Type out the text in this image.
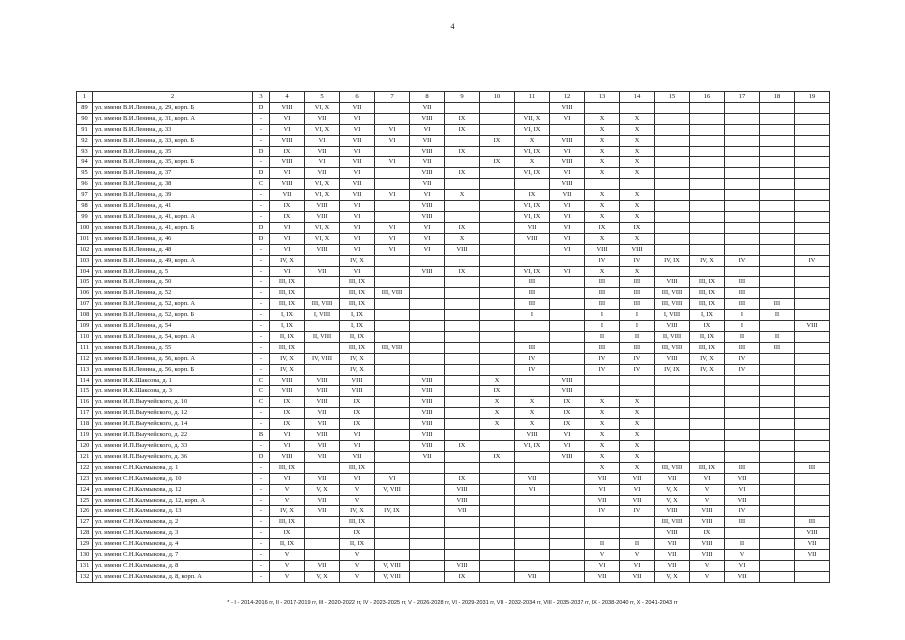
4
1	2	3	4	5	6	7	8	9	10	11	12	13	14	15	16	17	18	19
89	ул. имени В.И.Ленина, д. 29, корп. Б	D	VIII	VI, X	VII		VII				VIII							
90	ул. имени В.И.Ленина, д. 31, корп. А	-	VI	VII	VI		VIII	IX		VII, X	VI	X	X					
91	ул. имени В.И.Ленина, д. 33	-	VI	VI, X	VI	VI	VI	IX		VI, IX		X	X					
92	ул. имени В.И.Ленина, д. 33, корп. Б	-	VIII	VI	VII	VI	VII		IX	X	VIII	X	X					
93	ул. имени В.И.Ленина, д. 35	D	IX	VII	VI		VIII	IX		VI, IX	VI	X	X					
94	ул. имени В.И.Ленина, д. 35, корп. Б	-	VIII	VI	VII	VI	VII		IX	X	VIII	X	X					
95	ул. имени В.И.Ленина, д. 37	D	VI	VII	VI		VIII	IX		VI, IX	VI	X	X					
96	ул. имени В.И.Ленина, д. 38	C	VIII	VI, X	VII		VII				VIII							
97	ул. имени В.И.Ленина, д. 39	-	VII	VI, X	VII	VI	VI	X		IX	VII	X	X					
98	ул. имени В.И.Ленина, д. 41	-	IX	VIII	VI		VIII			VI, IX	VI	X	X					
99	ул. имени В.И.Ленина, д. 41, корп. А	-	IX	VIII	VI		VIII			VI, IX	VI	X	X					
100	ул. имени В.И.Ленина, д. 41, корп. Б	D	VI	VI, X	VI	VI	VI	IX		VII	VI	IX	IX					
101	ул. имени В.И.Ленина, д. 46	D	VI	VI, X	VI	VI	VI	X		VIII	VI	X	X					
102	ул. имени В.И.Ленина, д. 48	-	VI	VIII	VI	VI	VI	VIII			VI	VIII	VIII					
103	ул. имени В.И.Ленина, д. 49, корп. А	-	IV, X		IV, X							IV	IV	IV, IX	IV, X	IV		IV
104	ул. имени В.И.Ленина, д. 5	-	VI	VII	VI		VIII	IX		VI, IX	VI	X	X					
105	ул. имени В.И.Ленина, д. 50	-	III, IX		III, IX					III		III	III	VIII	III, IX	III		
106	ул. имени В.И.Ленина, д. 52	-	III, IX		III, IX	III, VIII				III		III	III	III, VIII	III, IX	III		
107	ул. имени В.И.Ленина, д. 52, корп. А	-	III, IX	III, VIII	III, IX					III		III	III	III, VIII	III, IX	III	III	
108	ул. имени В.И.Ленина, д. 52, корп. Б	-	I, IX	I, VIII	I, IX					I		I	I	I, VIII	I, IX	I	II	
109	ул. имени В.И.Ленина, д. 54	-	I, IX		I, IX							I	I	VIII	IX	I		VIII
110	ул. имени В.И.Ленина, д. 54, корп. А	-	II, IX	II, VIII	II, IX							II	II	II, VIII	II, IX	II	II	
111	ул. имени В.И.Ленина, д. 55	-	III, IX		III, IX	III, VIII				III		III	III	III, VIII	III, IX	III	III	
112	ул. имени В.И.Ленина, д. 56, корп. А	-	IV, X	IV, VIII	IV, X					IV		IV	IV	VIII	IV, X	IV		
113	ул. имени В.И.Ленина, д. 56, корп. Б	-	IV, X		IV, X					IV		IV	IV	IV, IX	IV, X	IV		
114	ул. имени И.К.Шаксова, д. 1	C	VIII	VIII	VIII		VIII		X		VIII							
115	ул. имени И.К.Шаксова, д. 3	C	VIII	VIII	VIII		VIII		IX		VIII							
116	ул. имени И.П.Выучейского, д. 10	C	IX	VIII	IX		VIII		X	X	IX	X	X					
117	ул. имени И.П.Выучейского, д. 12	-	IX	VII	IX		VIII		X	X	IX	X	X					
118	ул. имени И.П.Выучейского, д. 14	-	IX	VII	IX		VIII		X	X	IX	X	X					
119	ул. имени И.П.Выучейского, д. 22	B	VI	VIII	VI		VIII			VIII	VI	X	X					
120	ул. имени И.П.Выучейского, д. 33	-	VI	VII	VI		VIII	IX		VI, IX	VI	X	X					
121	ул. имени И.П.Выучейского, д. 36	D	VIII	VII	VII		VII		IX		VIII	X	X					
122	ул. имени С.Н.Калмыкова, д. 1	-	III, IX		III, IX							X	X	III, VIII	III, IX	III		III
123	ул. имени С.Н.Калмыкова, д. 10	-	VI	VII	VI	VI		IX		VII		VII	VII	VII	VI	VII		
124	ул. имени С.Н.Калмыкова, д. 12	-	V	V, X	V	V, VIII		VIII		VI		VI	VI	V, X	V	VI		
125	ул. имени С.Н.Калмыкова, д. 12, корп. А	-	V	VII	V			VIII				VII	VII	V, X	V	VII		
126	ул. имени С.Н.Калмыкова, д. 13	-	IV, X	VII	IV, X	IV, IX		VII				IV	IV	VIII	VIII	IV		
127	ул. имени С.Н.Калмыкова, д. 2	-	III, IX		III, IX									III, VIII	VIII	III		III
128	ул. имени С.Н.Калмыкова, д. 3	-	IX		IX									VIII	IX			VIII
129	ул. имени С.Н.Калмыкова, д. 4	-	II, IX		II, IX							II	II	VII	VIII	II		VII
130	ул. имени С.Н.Калмыкова, д. 7	-	V		V							V	V	VII	VIII	V		VII
131	ул. имени С.Н.Калмыкова, д. 8	-	V	VII	V	V, VIII		VIII				VI	VI	VII	V	VI		
132	ул. имени С.Н.Калмыкова, д. 8, корп. А	-	V	V, X	V	V, VIII		IX		VII		VII	VII	V, X	V	VII		
* - I - 2014-2016 гг, II - 2017-2019 гг, III - 2020-2022 гг, IV - 2023-2025 гг, V - 2026-2028 гг, VI - 2029-2031 гг, VII - 2032-2034 гг, VIII - 2035-2037 гг, IX - 2038-2040 гг, X - 2041-2043 гг
